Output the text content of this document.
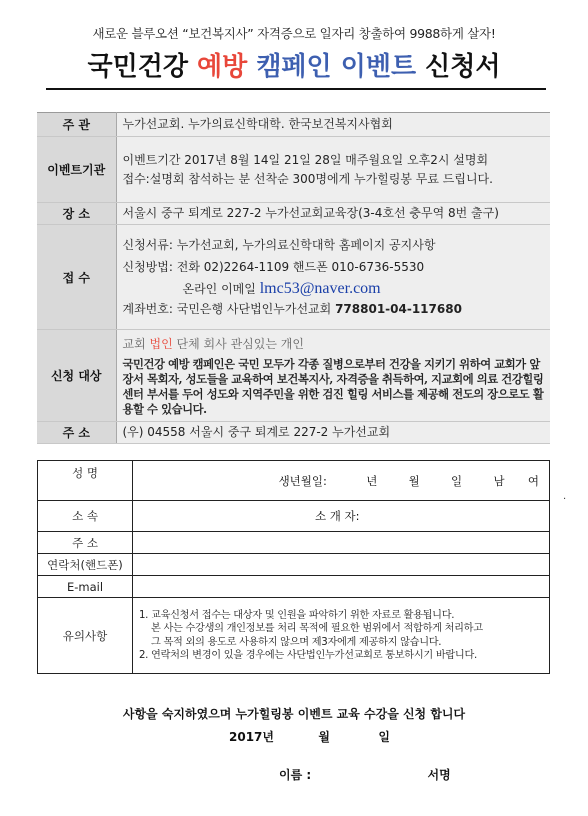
새로운 블루오션 “보건복지사” 자격증으로 일자리 창출하여 9988하게 살자!
국민건강 예방 캠페인 이벤트 신청서
주 관	누가선교회. 누가의료신학대학. 한국보건복지사협회

이벤트기관	이벤트기간 2017년 8월 14일 21일 28일 매주월요일 오후2시 설명회
접수:설명회 참석하는 분 선착순 300명에게 누가힐링봉 무료 드립니다.

장 소	서울시 중구 퇴계로 227-2 누가선교회교육장(3-4호선 충무역 8번 출구)

접 수	신청서류: 누가선교회, 누가의료신학대학 홈페이지 공지사항
신청방법: 전화 02)2264-1109 핸드폰 010-6736-5530
온라인 이메일 lmc53@naver.com
계좌번호: 국민은행 사단법인누가선교회 778801-04-117680

신청 대상	교회 법인 단체 회사 관심있는 개인
국민건강 예방 캠페인은 국민 모두가 각종 질병으로부터 건강을 지키기 위하여 교회가 앞장서 목회자, 성도들을 교육하여 보건복지사, 자격증을 취득하여, 지교회에 의료 건강힐링센터 부서를 두어 성도와 지역주민을 위한 검진 힐링 서비스를 제공해 전도의 장으로도 활용할 수 있습니다.

주 소	(우) 04558 서울시 중구 퇴계로 227-2 누가선교회
성 명	생년월일: 년 월 일 남 여
소 속	소 개 자:
주 소	
연락처(핸드폰)	
E-mail	
유의사항	1. 교육신청서 접수는 대상자 및 인원을 파악하기 위한 자료로 활용됩니다.
본 사는 수강생의 개인정보를 처리 목적에 필요한 범위에서 적합하게 처리하고
그 목적 외의 용도로 사용하지 않으며 제3자에게 제공하지 않습니다.
2. 연락처의 변경이 있을 경우에는 사단법인누가선교회로 통보하시기 바랍니다.
.
사항을 숙지하였으며 누가힐링봉 이벤트 교육 수강을 신청 합니다
2017년	월	일
이름 :	서명
